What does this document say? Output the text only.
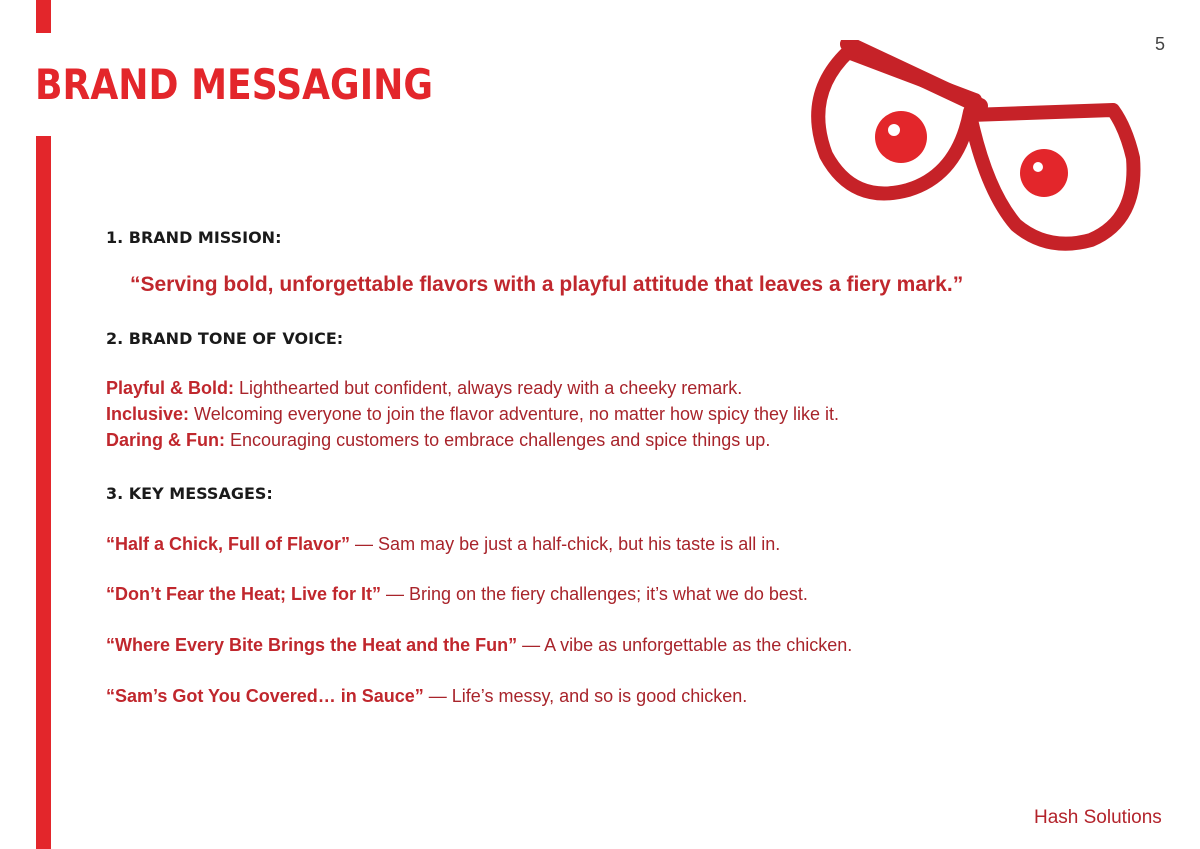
BRAND MESSAGING
5
1. BRAND MISSION:

“Serving bold, unforgettable flavors with a playful attitude that leaves a fiery mark.”

2. BRAND TONE OF VOICE:
Playful & Bold: Lighthearted but confident, always ready with a cheeky remark.
Inclusive: Welcoming everyone to join the flavor adventure, no matter how spicy they like it.
Daring & Fun: Encouraging customers to embrace challenges and spice things up.
3. KEY MESSAGES:
“Half a Chick, Full of Flavor” — Sam may be just a half-chick, but his taste is all in.
“Don’t Fear the Heat; Live for It” — Bring on the fiery challenges; it’s what we do best.
“Where Every Bite Brings the Heat and the Fun” — A vibe as unforgettable as the chicken.
“Sam’s Got You Covered… in Sauce” — Life’s messy, and so is good chicken.
Hash Solutions
